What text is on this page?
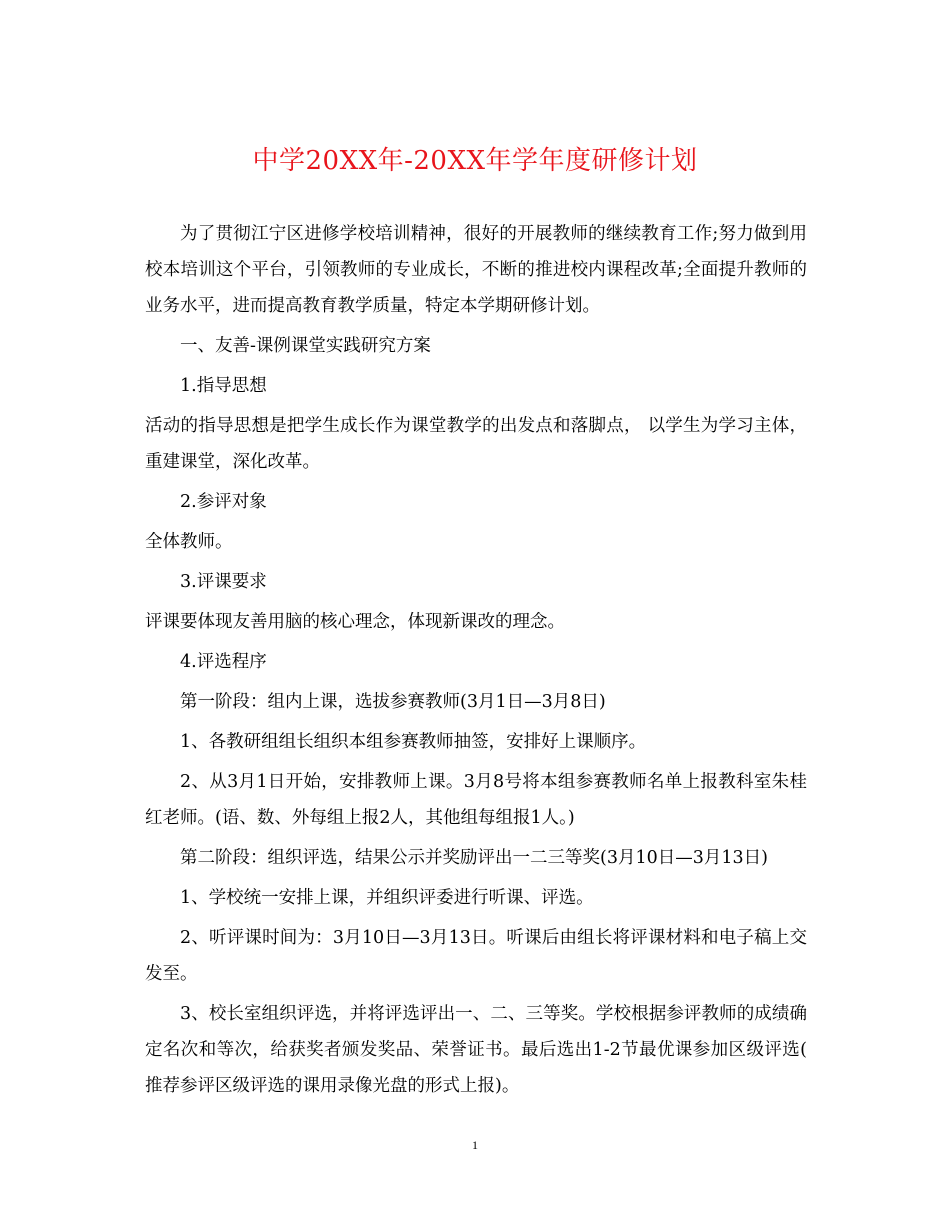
中学20XX年-20XX年学年度研修计划

为了贯彻江宁区进修学校培训精神，很好的开展教师的继续教育工作;努力做到用校本培训这个平台，引领教师的专业成长，不断的推进校内课程改革;全面提升教师的业务水平，进而提高教育教学质量，特定本学期研修计划。

一、友善-课例课堂实践研究方案

1.指导思想

活动的指导思想是把学生成长作为课堂教学的出发点和落脚点， 以学生为学习主体，重建课堂，深化改革。

2.参评对象

全体教师。

3.评课要求

评课要体现友善用脑的核心理念，体现新课改的理念。

4.评选程序

第一阶段：组内上课，选拔参赛教师(3月1日—3月8日)

1、各教研组组长组织本组参赛教师抽签，安排好上课顺序。

2、从3月1日开始，安排教师上课。3月8号将本组参赛教师名单上报教科室朱桂红老师。(语、数、外每组上报2人，其他组每组报1人。)

第二阶段：组织评选，结果公示并奖励评出一二三等奖(3月10日—3月13日)

1、学校统一安排上课，并组织评委进行听课、评选。

2、听评课时间为：3月10日—3月13日。听课后由组长将评课材料和电子稿上交发至。

3、校长室组织评选，并将评选评出一、二、三等奖。学校根据参评教师的成绩确定名次和等次，给获奖者颁发奖品、荣誉证书。最后选出1-2节最优课参加区级评选(推荐参评区级评选的课用录像光盘的形式上报)。

1
